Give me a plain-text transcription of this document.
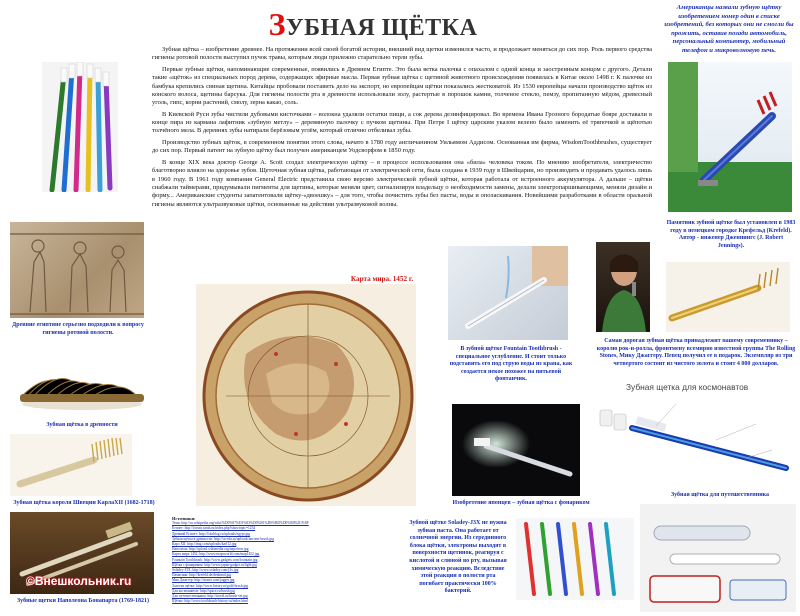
ЗУБНАЯ ЩЁТКА
Американцы назвали зубную щётку изобретением номер один в списке изобретений, без которых они не смогли бы прожить, оставив позади автомобиль, персональный компьютер, мобильный телефон и микроволновую печь.

Зубная щётка – изобретение древнее. На протяжении всей своей богатой истории, внешний вид щетки изменился часто, и продолжает меняться до сих пор. Роль первого средства гигиены ротовой полости выступил пучок травы, которым люди прилежно старательно терли зубы.

Первые зубные щётки, напоминающие современные, появились в Древнем Египте. Это была ветка палочка с опахалом с одной конца и заостренным концом с другого. Детали такие «щёток» из специальных пород дерева, содержащих эфирные масла. Первая зубная щётка с щетиной животного происхождения появилась в Китае около 1498 г. К палочке из бамбука крепились свиная щетина. Китайцы пробовали поставить дело на экспорт, но европейцам щётки показались жестковатой. Из 1530 европейцы начали производство щёток из конского волоса, щетины барсука. Для гигиены полости рта в древности использовали золу, растертые в порошок камни, толченое стекло, пемзу, пропитанную мёдом, древесный уголь, гипс, корни растений, смолу, зерна какао, соль.

В Киевской Руси зубы чистили дубовыми кисточками – волокна удаляли остатки пищи, а сок дерева дезинфицировал. Во времена Ивана Грозного бородатые бояре доставали в конце пира из кармана лафитник «зубную метлу» – деревянную палочку с пучком щетины. При Петре I щётку царским указом велено было заменить её тряпочкой и щёпотью толчёного мела. В деревнях зубы натирали берёзовым углём, который отлично отбеливал зубы.

Производство зубных щёток, в современном понятии этого слова, начато в 1780 году англичанином Уильямом Аддисом. Основанная им фирма, WisdomToothbrushes, существует до сих пор. Первый патент на зубную щётку был получен американцем Уодсворфом в 1850 году.

В конце XIX века доктор George A. Scott создал электрическую щётку – в процессе использования она «била» человека током. По мнению изобретателя, электричество благотворно влияло на здоровье зубов. Щеточная зубная щётка, работающая от электрической сети, была создана в 1939 году в Швейцарии, но производить и продавать удалось лишь в 1960 году. В 1961 году компания General Electric представила свою версию электрической зубной щётки, которая работала от встроенного аккумулятора. А дальше – щётки снабжали таймерами, придумывали пигменты для щетины, которые меняли цвет, сигнализируя владельцу о необходимости замены, делали электропаршивающими, меняли дизайн и форму... Американские студенты запатентовали щётку-«двоешку» – для того, чтобы почистить зубы без пасты, воды и ополаскивания. Новейшими разработками в области оральной гигиены являются ультразвуковые щётки, основанные на действии ультразвуковой волны.

Древние египтяне серьезно подходили к вопросу гигиены ротовой полости.
Зубная щётка в древности
Зубная щётка короля Швеции КарлаXII (1682-1718)
©Внешкольник.ru
Зубные щетки Наполеона Бонапарта (1769-1821)
Карта мира. 1452 г.
В зубной щётке Fountain Toothbrush - специальное углубление. И стоит только подставить его под струю воды из крана, как создается некое похожее на питьевой фонтанчик.
Самая дорогая зубная щётка принадлежит нашему современнику – королю рок-н-ролла, фронтмену всемирно известной группы The Rolling Stones, Мику Джаггеру. Певец получил ее в подарок. Экземпляр из три четвертого состоит из чистого золота и стоит 4 000 долларов.
Памятник зубной щётке был установлен в 1983 году в немецком городке Крефельд (Krefeld). Автор - инженер Дженнингс (J. Robert Jennings).
Изобретение японцев – зубная щётка с фонариком
Зубная щетка для космонавтов
Зубной щётке Soladey-J3X не нужна зубная паста. Она работает от солнечной энергии. Из серединного блока щётки, электроны выходят в поверхности щетинок, реагируя с кислотой и слюной во рту, вызывая химическую реакцию. Вследствие этой реакции в полости рта погибает практически 100% бактерий.
Зубная щётка для путешественника
Источники:
Тема: http://ru.wikipedia.org/wiki/%D0%97%D1%83%D0%B1%D0%BD%D0%B0%D1%8F
Египет: http://forum.sarah.ru/index.php?showtopic=1234
Древний Египет: http://fotoblog.ru/uploads/egypt.jpg
Зубная щётка в древности: http://sa-edu.ru/uploads/ancient-brush.jpg
Карл XII: http://img.com/uploads/karl12.jpg
Наполеон: http://upload.wikimedia.org/napoleon.jpg
Карта мира 1452: http://www.mapsworld.com/map1452.jpg
Fountain Toothbrush: http://www.gadgets.com/fountain.jpg
Щётка с фонариком: http://www.japan-gadget.ru/light.jpg
Soladey-J3X: http://www.soladey.com/j3x.jpg
Памятник: http://krefeld.de/denkmal.jpg
Мик Джаггер: http://stones.com/jagger.jpg
Золотая щётка: http://www.luxury.ru/gold-brush.jpg
Для космонавтов: http://space.ru/brush.jpg
Для путешественника: http://travel.ru/brush-set.jpg
Щётки: http://www.toothbrush-history.ru/index.html
